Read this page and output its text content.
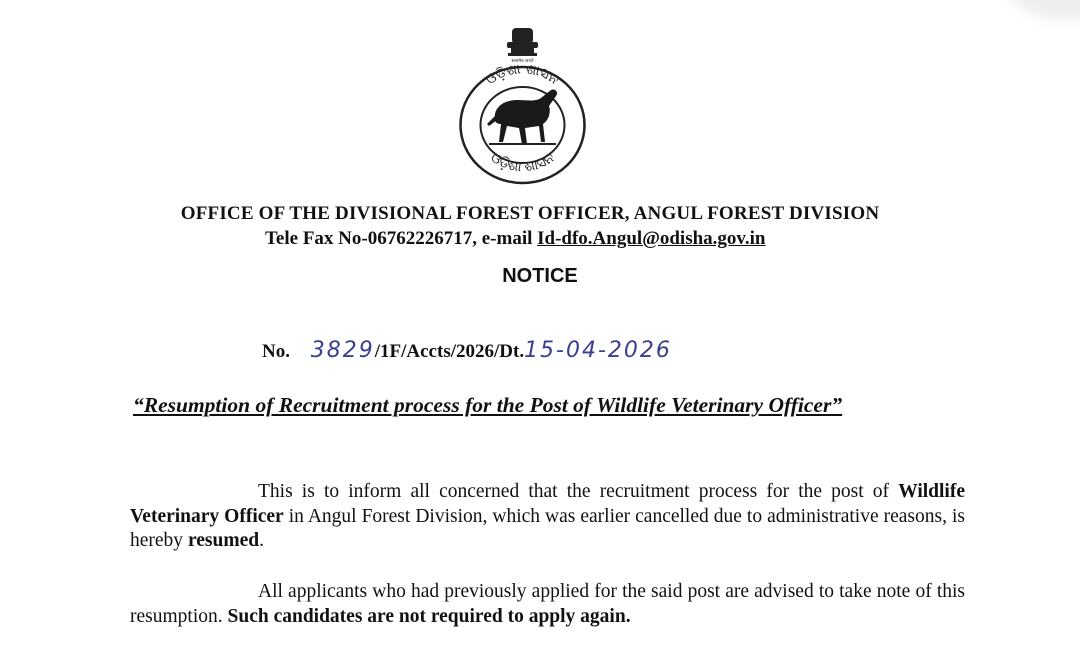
सत्यमेव जयते
ଓଡ଼ିଶା ଶାସନ
ଓଡ଼ିଶା ଶାସନ
OFFICE OF THE DIVISIONAL FOREST OFFICER, ANGUL FOREST DIVISION
Tele Fax No-06762226717, e-mail Id-dfo.Angul@odisha.gov.in
NOTICE
No. 3829/1F/Accts/2026/Dt.15-04-2026
“Resumption of Recruitment process for the Post of Wildlife Veterinary Officer”
This is to inform all concerned that the recruitment process for the post of Wildlife Veterinary Officer in Angul Forest Division, which was earlier cancelled due to administrative reasons, is hereby resumed.
All applicants who had previously applied for the said post are advised to take note of this resumption. Such candidates are not required to apply again.
